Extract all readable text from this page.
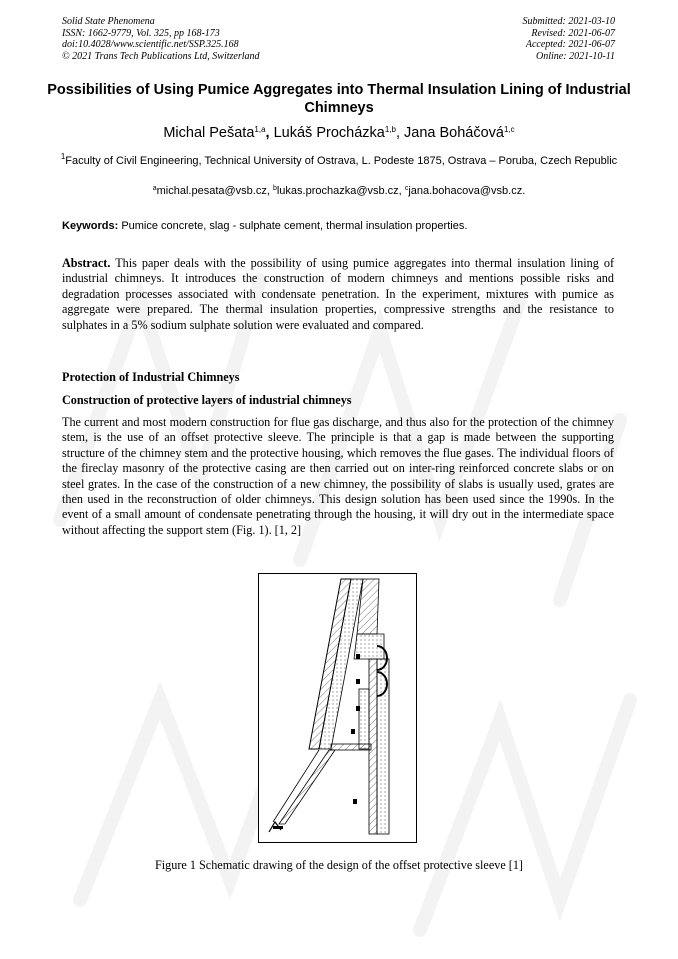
Solid State Phenomena
ISSN: 1662-9779, Vol. 325, pp 168-173
doi:10.4028/www.scientific.net/SSP.325.168
© 2021 Trans Tech Publications Ltd, Switzerland
Submitted: 2021-03-10
Revised: 2021-06-07
Accepted: 2021-06-07
Online: 2021-10-11
Possibilities of Using Pumice Aggregates into Thermal Insulation Lining of Industrial Chimneys
Michal Pešata$^{1,a}$, Lukáš Procházka$^{1,b}$, Jana Boháčová$^{1,c}$
$^1$Faculty of Civil Engineering, Technical University of Ostrava, L. Podeste 1875, Ostrava – Poruba, Czech Republic
$^a$michal.pesata@vsb.cz, $^b$lukas.prochazka@vsb.cz, $^c$jana.bohacova@vsb.cz.
Keywords: Pumice concrete, slag - sulphate cement, thermal insulation properties.
Abstract. This paper deals with the possibility of using pumice aggregates into thermal insulation lining of industrial chimneys. It introduces the construction of modern chimneys and mentions possible risks and degradation processes associated with condensate penetration. In the experiment, mixtures with pumice as aggregate were prepared. The thermal insulation properties, compressive strengths and the resistance to sulphates in a 5% sodium sulphate solution were evaluated and compared.
Protection of Industrial Chimneys
Construction of protective layers of industrial chimneys
The current and most modern construction for flue gas discharge, and thus also for the protection of the chimney stem, is the use of an offset protective sleeve. The principle is that a gap is made between the supporting structure of the chimney stem and the protective housing, which removes the flue gases. The individual floors of the fireclay masonry of the protective casing are then carried out on inter-ring reinforced concrete slabs or on steel grates. In the case of the construction of a new chimney, the possibility of slabs is usually used, grates are then used in the reconstruction of older chimneys. This design solution has been used since the 1990s. In the event of a small amount of condensate penetrating through the housing, it will dry out in the intermediate space without affecting the support stem (Fig. 1). [1, 2]
Figure 1 Schematic drawing of the design of the offset protective sleeve [1]
